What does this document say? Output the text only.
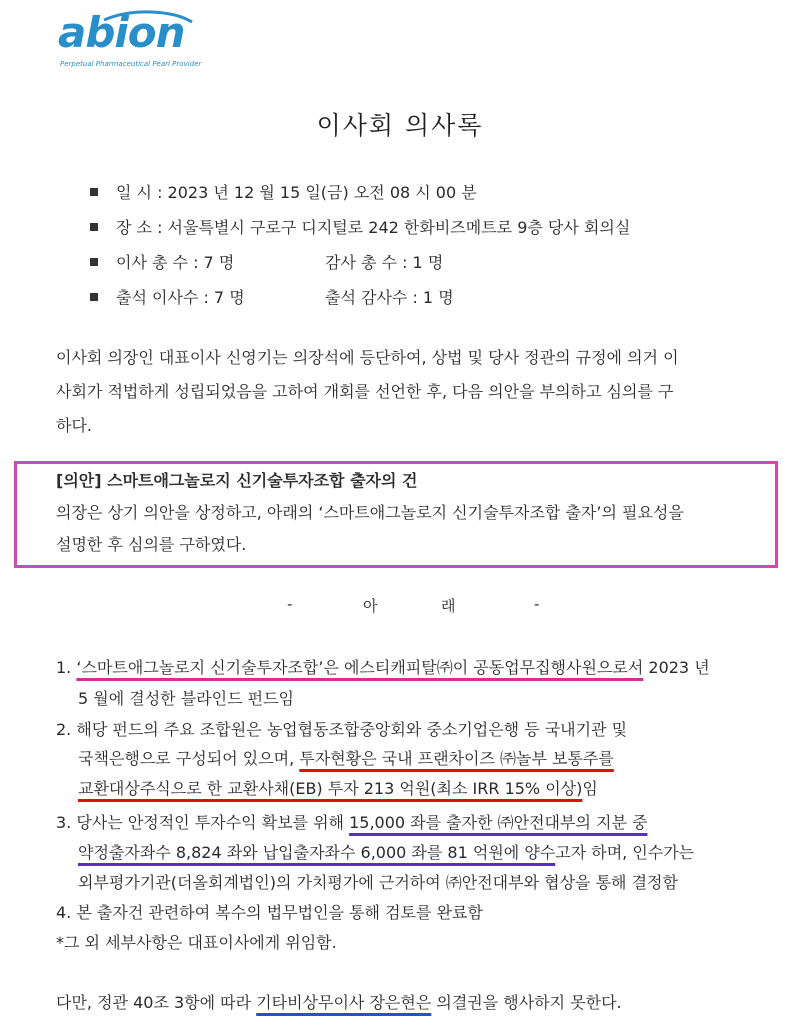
abion
Perpetual Pharmaceutical Pearl Provider
이사회 의사록
일 시 : 2023 년 12 월 15 일(금) 오전 08 시 00 분
장 소 : 서울특별시 구로구 디지털로 242 한화비즈메트로 9층 당사 회의실
이사 총 수 : 7 명	감사 총 수 : 1 명
출석 이사수 : 7 명	출석 감사수 : 1 명
이사회 의장인 대표이사 신영기는 의장석에 등단하여, 상법 및 당사 정관의 규정에 의거 이
사회가 적법하게 성립되었음을 고하여 개회를 선언한 후, 다음 의안을 부의하고 심의를 구
하다.
[의안] 스마트애그놀로지 신기술투자조합 출자의 건
의장은 상기 의안을 상정하고, 아래의 ‘스마트애그놀로지 신기술투자조합 출자’의 필요성을
설명한 후 심의를 구하였다.
-	아	래	-
1. ‘스마트애그놀로지 신기술투자조합’은 에스티캐피탈㈜이 공동업무집행사원으로서 2023 년
5 월에 결성한 블라인드 펀드임
2. 해당 펀드의 주요 조합원은 농업협동조합중앙회와 중소기업은행 등 국내기관 및
국책은행으로 구성되어 있으며, 투자현황은 국내 프랜차이즈 ㈜놀부 보통주를
교환대상주식으로 한 교환사채(EB) 투자 213 억원(최소 IRR 15% 이상)임
3. 당사는 안정적인 투자수익 확보를 위해 15,000 좌를 출자한 ㈜안전대부의 지분 중
약정출자좌수 8,824 좌와 납입출자좌수 6,000 좌를 81 억원에 양수고자 하며, 인수가는
외부평가기관(더올회계법인)의 가치평가에 근거하여 ㈜안전대부와 협상을 통해 결정함
4. 본 출자건 관련하여 복수의 법무법인을 통해 검토를 완료함
*그 외 세부사항은 대표이사에게 위임함.
다만, 정관 40조 3항에 따라 기타비상무이사 장은현은 의결권을 행사하지 못한다.
